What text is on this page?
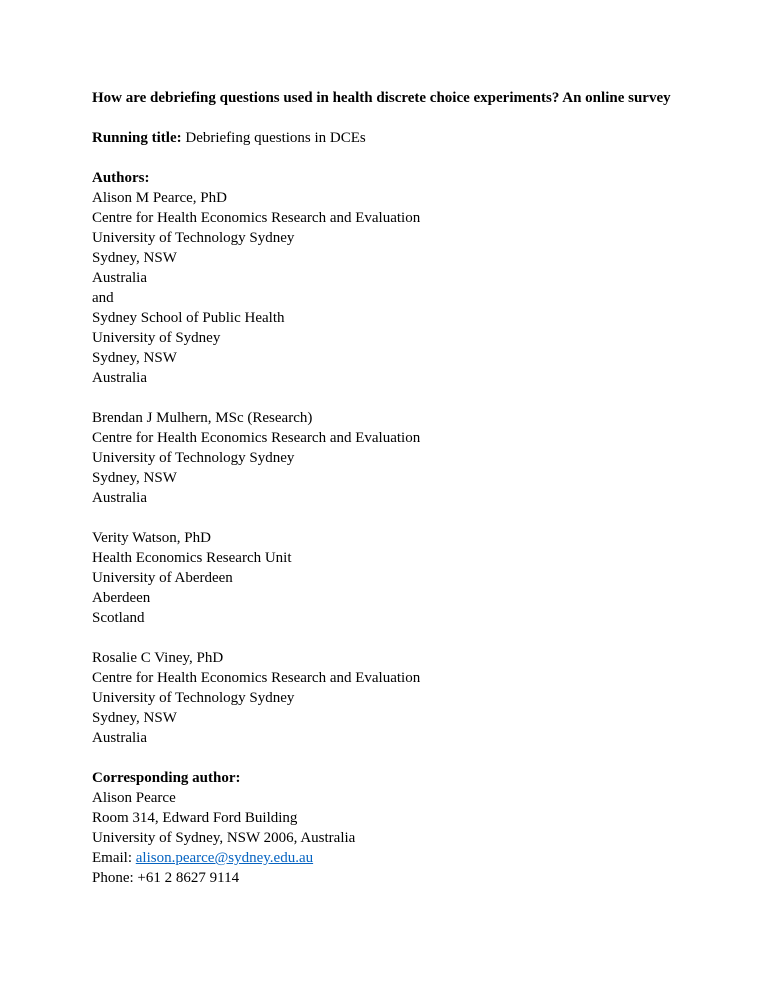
How are debriefing questions used in health discrete choice experiments? An online survey

Running title: Debriefing questions in DCEs

Authors:

Alison M Pearce, PhD

Centre for Health Economics Research and Evaluation

University of Technology Sydney

Sydney, NSW

Australia

and

Sydney School of Public Health

University of Sydney

Sydney, NSW

Australia

Brendan J Mulhern, MSc (Research)

Centre for Health Economics Research and Evaluation

University of Technology Sydney

Sydney, NSW

Australia

Verity Watson, PhD

Health Economics Research Unit

University of Aberdeen

Aberdeen

Scotland

Rosalie C Viney, PhD

Centre for Health Economics Research and Evaluation

University of Technology Sydney

Sydney, NSW

Australia

Corresponding author:

Alison Pearce

Room 314, Edward Ford Building

University of Sydney, NSW 2006, Australia

Email: alison.pearce@sydney.edu.au

Phone: +61 2 8627 9114
